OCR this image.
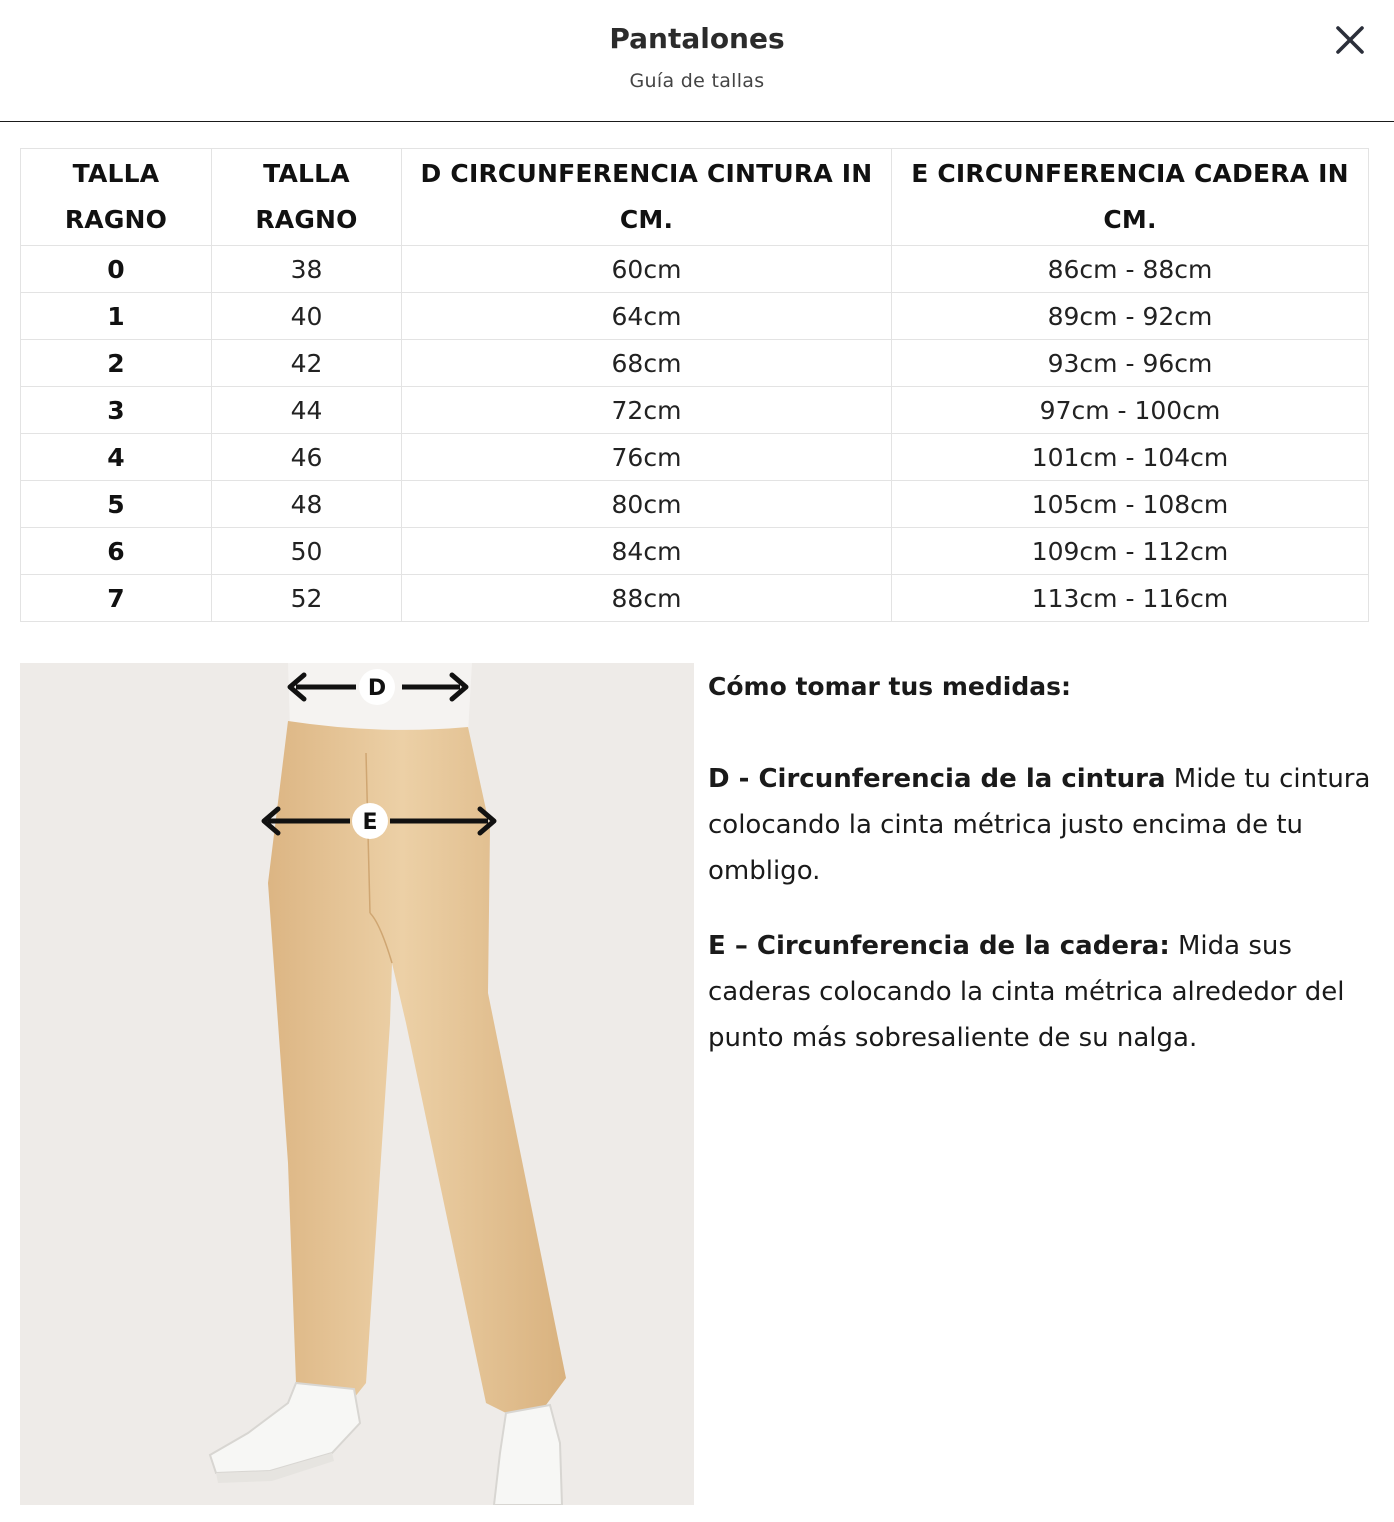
Pantalones
Guía de tallas
TALLA RAGNO	TALLA RAGNO	D CIRCUNFERENCIA CINTURA IN CM.	E CIRCUNFERENCIA CADERA IN CM.
0	38	60cm	86cm - 88cm
1	40	64cm	89cm - 92cm
2	42	68cm	93cm - 96cm
3	44	72cm	97cm - 100cm
4	46	76cm	101cm - 104cm
5	48	80cm	105cm - 108cm
6	50	84cm	109cm - 112cm
7	52	88cm	113cm - 116cm
D
E

Cómo tomar tus medidas:

D - Circunferencia de la cintura Mide tu cintura colocando la cinta métrica justo encima de tu ombligo.

E – Circunferencia de la cadera: Mida sus caderas colocando la cinta métrica alrededor del punto más sobresaliente de su nalga.
